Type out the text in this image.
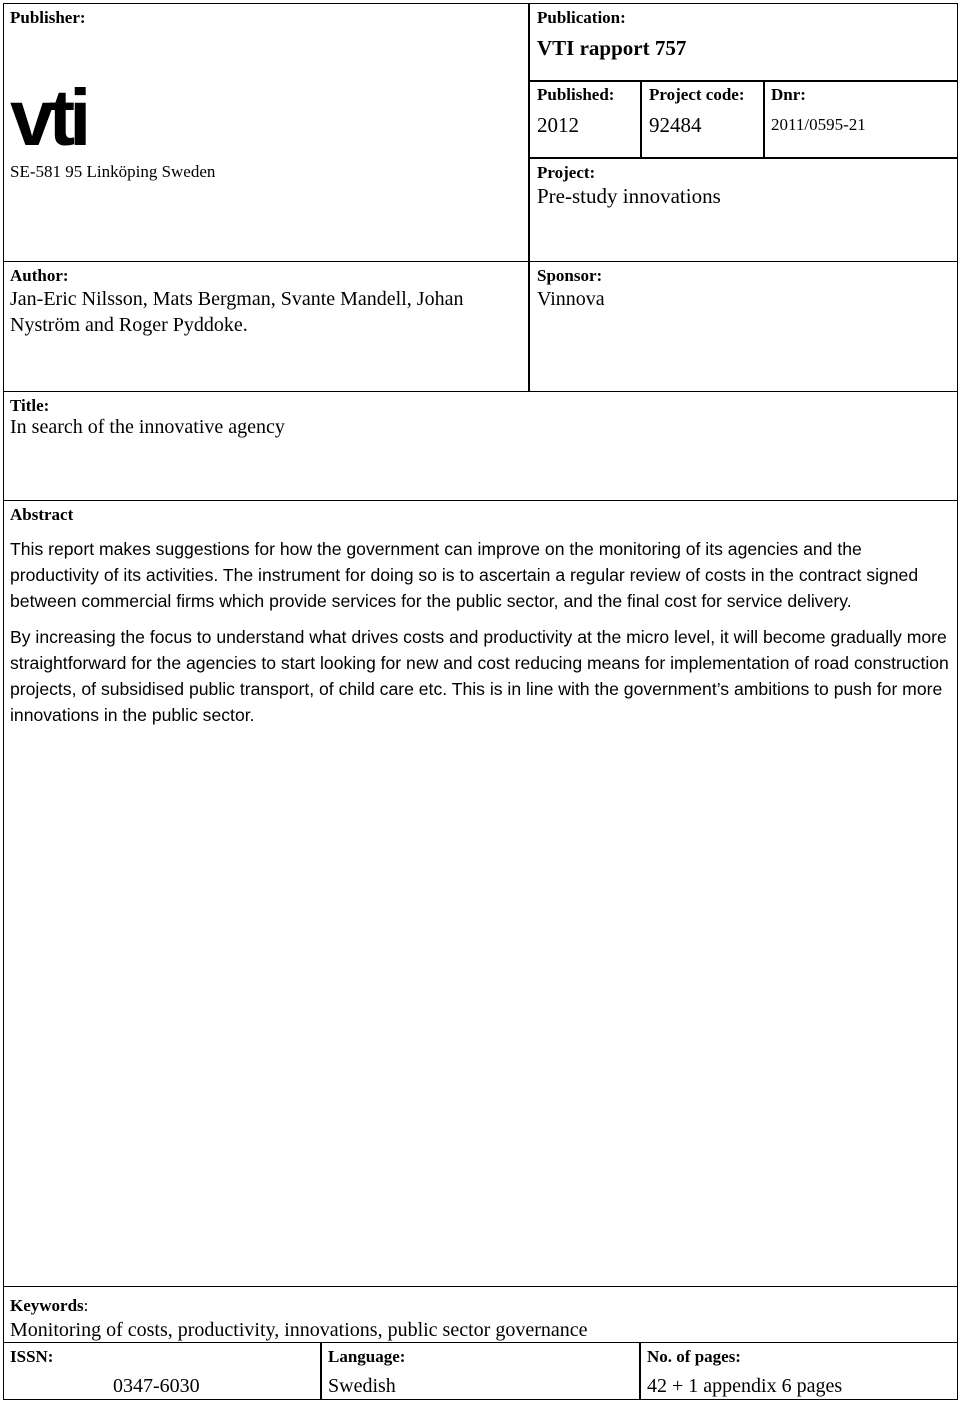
Publisher:
vti
SE-581 95 Linköping Sweden
Publication:
VTI rapport 757
Published:
2012
Project code:
92484
Dnr:
2011/0595-21
Project:
Pre-study innovations
Author:
Jan-Eric Nilsson, Mats Bergman, Svante Mandell, Johan
Nyström and Roger Pyddoke.
Sponsor:
Vinnova
Title:
In search of the innovative agency
Abstract

This report makes suggestions for how the government can improve on the monitoring of its agencies and the productivity of its activities. The instrument for doing so is to ascertain a regular review of costs in the contract signed between commercial firms which provide services for the public sector, and the final cost for service delivery.

By increasing the focus to understand what drives costs and productivity at the micro level, it will become gradually more straightforward for the agencies to start looking for new and cost reducing means for implementation of road construction projects, of subsidised public transport, of child care etc. This is in line with the government’s ambitions to push for more innovations in the public sector.

Keywords:
Monitoring of costs, productivity, innovations, public sector governance
ISSN:
0347-6030
Language:
Swedish
No. of pages:
42 + 1 appendix 6 pages
